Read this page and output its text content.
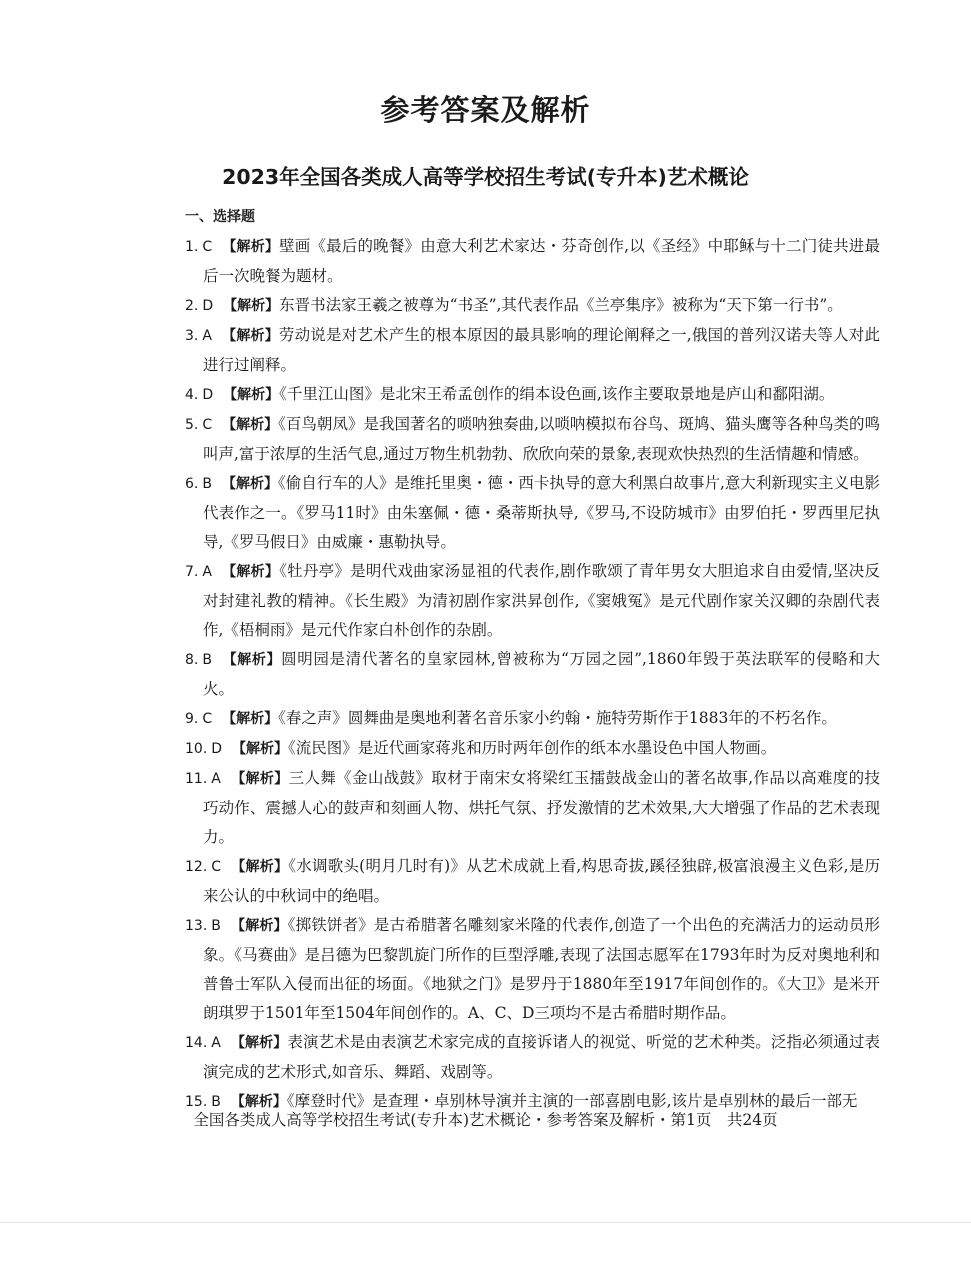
参考答案及解析
2023年全国各类成人高等学校招生考试(专升本)艺术概论
一、选择题

1. C 【解析】壁画《最后的晚餐》由意大利艺术家达・芬奇创作,以《圣经》中耶稣与十二门徒共进最后一次晚餐为题材。

2. D 【解析】东晋书法家王羲之被尊为“书圣”,其代表作品《兰亭集序》被称为“天下第一行书”。

3. A 【解析】劳动说是对艺术产生的根本原因的最具影响的理论阐释之一,俄国的普列汉诺夫等人对此进行过阐释。

4. D 【解析】《千里江山图》是北宋王希孟创作的绢本设色画,该作主要取景地是庐山和鄱阳湖。

5. C 【解析】《百鸟朝凤》是我国著名的唢呐独奏曲,以唢呐模拟布谷鸟、斑鸠、猫头鹰等各种鸟类的鸣叫声,富于浓厚的生活气息,通过万物生机勃勃、欣欣向荣的景象,表现欢快热烈的生活情趣和情感。

6. B 【解析】《偷自行车的人》是维托里奥・德・西卡执导的意大利黑白故事片,意大利新现实主义电影代表作之一。《罗马11时》由朱塞佩・德・桑蒂斯执导,《罗马,不设防城市》由罗伯托・罗西里尼执导,《罗马假日》由威廉・惠勒执导。

7. A 【解析】《牡丹亭》是明代戏曲家汤显祖的代表作,剧作歌颂了青年男女大胆追求自由爱情,坚决反对封建礼教的精神。《长生殿》为清初剧作家洪昇创作,《窦娥冤》是元代剧作家关汉卿的杂剧代表作,《梧桐雨》是元代作家白朴创作的杂剧。

8. B 【解析】圆明园是清代著名的皇家园林,曾被称为“万园之园”,1860年毁于英法联军的侵略和大火。

9. C 【解析】《春之声》圆舞曲是奥地利著名音乐家小约翰・施特劳斯作于1883年的不朽名作。

10. D 【解析】《流民图》是近代画家蒋兆和历时两年创作的纸本水墨设色中国人物画。

11. A 【解析】三人舞《金山战鼓》取材于南宋女将梁红玉擂鼓战金山的著名故事,作品以高难度的技巧动作、震撼人心的鼓声和刻画人物、烘托气氛、抒发激情的艺术效果,大大增强了作品的艺术表现力。

12. C 【解析】《水调歌头(明月几时有)》从艺术成就上看,构思奇拔,蹊径独辟,极富浪漫主义色彩,是历来公认的中秋词中的绝唱。

13. B 【解析】《掷铁饼者》是古希腊著名雕刻家米隆的代表作,创造了一个出色的充满活力的运动员形象。《马赛曲》是吕德为巴黎凯旋门所作的巨型浮雕,表现了法国志愿军在1793年时为反对奥地利和普鲁士军队入侵而出征的场面。《地狱之门》是罗丹于1880年至1917年间创作的。《大卫》是米开朗琪罗于1501年至1504年间创作的。A、C、D三项均不是古希腊时期作品。

14. A 【解析】表演艺术是由表演艺术家完成的直接诉诸人的视觉、听觉的艺术种类。泛指必须通过表演完成的艺术形式,如音乐、舞蹈、戏剧等。

15. B 【解析】《摩登时代》是查理・卓别林导演并主演的一部喜剧电影,该片是卓别林的最后一部无

全国各类成人高等学校招生考试(专升本)艺术概论・参考答案及解析・第1页　共24页
